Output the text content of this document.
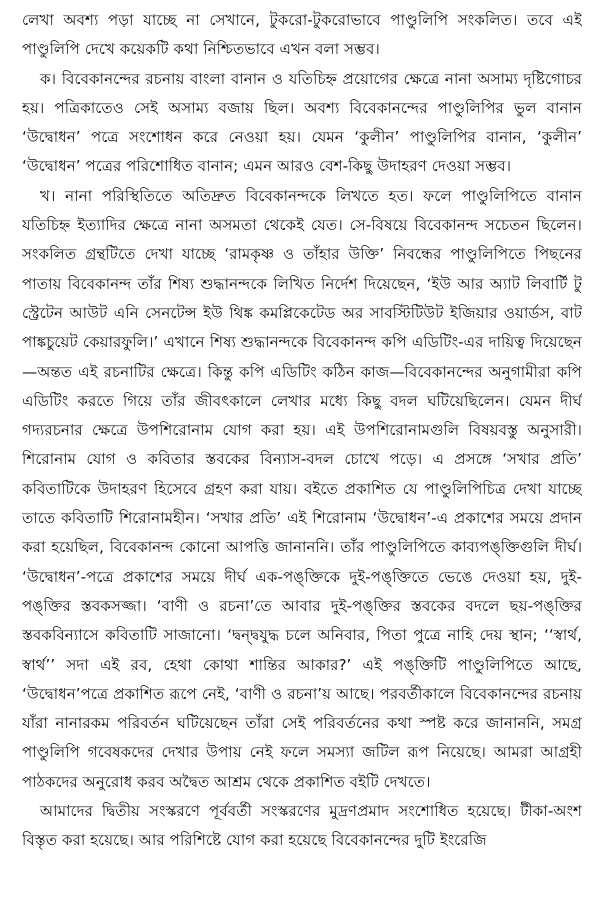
লেখা অবশ্য পড়া যাচ্ছে না সেখানে, টুকরো-টুকরোভাবে পাণ্ডুলিপি সংকলিত। তবে এই পাণ্ডুলিপি দেখে কয়েকটি কথা নিশ্চিতভাবে এখন বলা সম্ভব।

ক। বিবেকানন্দের রচনায় বাংলা বানান ও যতিচিহ্ন প্রয়োগের ক্ষেত্রে নানা অসাম্য দৃষ্টিগোচর হয়। পত্রিকাতেও সেই অসাম্য বজায় ছিল। অবশ্য বিবেকানন্দের পাণ্ডুলিপির ভুল বানান ‘উদ্বোধন’ পত্রে সংশোধন করে নেওয়া হয়। যেমন ‘কুলীন’ পাণ্ডুলিপির বানান, ‘কুলীন’ ‘উদ্বোধন’ পত্রের পরিশোধিত বানান; এমন আরও বেশ-কিছু উদাহরণ দেওয়া সম্ভব।

খ। নানা পরিস্থিতিতে অতিদ্রুত বিবেকানন্দকে লিখতে হত। ফলে পাণ্ডুলিপিতে বানান যতিচিহ্ন ইত্যাদির ক্ষেত্রে নানা অসমতা থেকেই যেত। সে-বিষয়ে বিবেকানন্দ সচেতন ছিলেন। সংকলিত গ্রন্থটিতে দেখা যাচ্ছে ‘রামকৃষ্ণ ও তাঁহার উক্তি’ নিবন্ধের পাণ্ডুলিপিতে পিছনের পাতায় বিবেকানন্দ তাঁর শিষ্য শুদ্ধানন্দকে লিখিত নির্দেশ দিয়েছেন, ‘ইউ আর অ্যাট লিবার্টি টু স্ট্রেটেন আউট এনি সেনটেন্স ইউ থিঙ্ক কমপ্লিকেটেড অর সাবস্টিটিউট ইজিয়ার ওয়ার্ডস, বাট পাঙ্কচুয়েট কেয়ারফুলি।’ এখানে শিষ্য শুদ্ধানন্দকে বিবেকানন্দ কপি এডিটিং-এর দায়িত্ব দিয়েছেন—অন্তত এই রচনাটির ক্ষেত্রে। কিন্তু কপি এডিটিং কঠিন কাজ—বিবেকানন্দের অনুগামীরা কপি এডিটিং করতে গিয়ে তাঁর জীবৎকালে লেখার মধ্যে কিছু বদল ঘটিয়েছিলেন। যেমন দীর্ঘ গদ্যরচনার ক্ষেত্রে উপশিরোনাম যোগ করা হয়। এই উপশিরোনামগুলি বিষয়বস্তু অনুসারী। শিরোনাম যোগ ও কবিতার স্তবকের বিন্যাস-বদল চোখে পড়ে। এ প্রসঙ্গে ‘সখার প্রতি’ কবিতাটিকে উদাহরণ হিসেবে গ্রহণ করা যায়। বইতে প্রকাশিত যে পাণ্ডুলিপিচিত্র দেখা যাচ্ছে তাতে কবিতাটি শিরোনামহীন। ‘সখার প্রতি’ এই শিরোনাম ‘উদ্বোধন’-এ প্রকাশের সময়ে প্রদান করা হয়েছিল, বিবেকানন্দ কোনো আপত্তি জানাননি। তাঁর পাণ্ডুলিপিতে কাব্যপঙ্‌ক্তিগুলি দীর্ঘ। ‘উদ্বোধন’-পত্রে প্রকাশের সময়ে দীর্ঘ এক-পঙ্‌ক্তিকে দুই-পঙ্‌ক্তিতে ভেঙে দেওয়া হয়, দুই-পঙ্‌ক্তির স্তবকসজ্জা। ‘বাণী ও রচনা’তে আবার দুই-পঙ্‌ক্তির স্তবকের বদলে ছয়-পঙ্‌ক্তির স্তবকবিন্যাসে কবিতাটি সাজানো। ‘দ্বন্দ্বযুদ্ধ চলে অনিবার, পিতা পুত্রে নাহি দেয় স্থান; ‘‘স্বার্থ, স্বার্থ’’ সদা এই রব, হেথা কোথা শান্তির আকার?’ এই পঙ্‌ক্তিটি পাণ্ডুলিপিতে আছে, ‘উদ্বোধন’পত্রে প্রকাশিত রূপে নেই, ‘বাণী ও রচনা’য় আছে। পরবর্তীকালে বিবেকানন্দের রচনায় যাঁরা নানারকম পরিবর্তন ঘটিয়েছেন তাঁরা সেই পরিবর্তনের কথা স্পষ্ট করে জানাননি, সমগ্র পাণ্ডুলিপি গবেষকদের দেখার উপায় নেই ফলে সমস্যা জটিল রূপ নিয়েছে। আমরা আগ্রহী পাঠকদের অনুরোধ করব অদ্বৈত আশ্রম থেকে প্রকাশিত বইটি দেখতে।

আমাদের দ্বিতীয় সংস্করণে পূর্ববর্তী সংস্করণের মুদ্রণপ্রমাদ সংশোধিত হয়েছে। টীকা-অংশ বিস্তৃত করা হয়েছে। আর পরিশিষ্টে যোগ করা হয়েছে বিবেকানন্দের দুটি ইংরেজি
